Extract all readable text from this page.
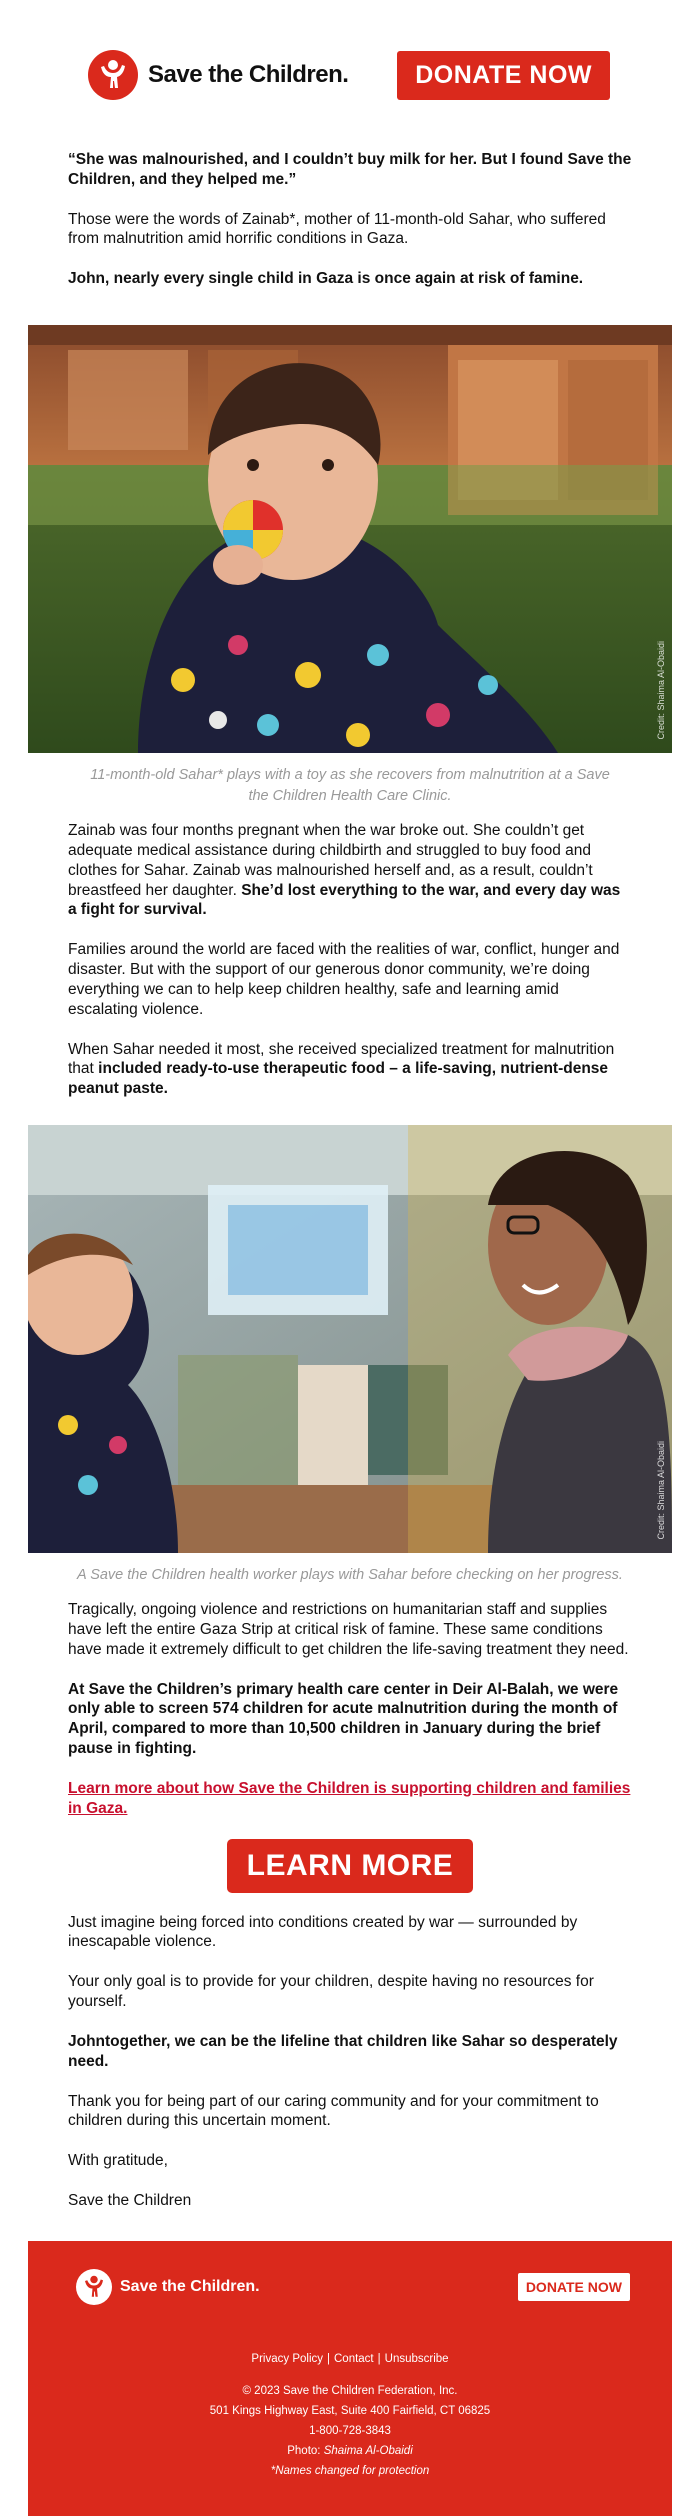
Save the Children.	DONATE NOW

“She was malnourished, and I couldn’t buy milk for her. But I found Save the Children, and they helped me.”

Those were the words of Zainab*, mother of 11-month-old Sahar, who suffered from malnutrition amid horrific conditions in Gaza.

John, nearly every single child in Gaza is once again at risk of famine.

Credit: Shaima Al-Obaidi
11-month-old Sahar* plays with a toy as she recovers from malnutrition at a Save the Children Health Care Clinic.

Zainab was four months pregnant when the war broke out. She couldn’t get adequate medical assistance during childbirth and struggled to buy food and clothes for Sahar. Zainab was malnourished herself and, as a result, couldn’t breastfeed her daughter. She’d lost everything to the war, and every day was a fight for survival.

Families around the world are faced with the realities of war, conflict, hunger and disaster. But with the support of our generous donor community, we’re doing everything we can to help keep children healthy, safe and learning amid escalating violence.

When Sahar needed it most, she received specialized treatment for malnutrition that included ready-to-use therapeutic food – a life-saving, nutrient-dense peanut paste.

Credit: Shaima Al-Obaidi
A Save the Children health worker plays with Sahar before checking on her progress.

Tragically, ongoing violence and restrictions on humanitarian staff and supplies have left the entire Gaza Strip at critical risk of famine. These same conditions have made it extremely difficult to get children the life-saving treatment they need.

At Save the Children’s primary health care center in Deir Al-Balah, we were only able to screen 574 children for acute malnutrition during the month of April, compared to more than 10,500 children in January during the brief pause in fighting.

Learn more about how Save the Children is supporting children and families in Gaza.

LEARN MORE

Just imagine being forced into conditions created by war — surrounded by inescapable violence.

Your only goal is to provide for your children, despite having no resources for yourself.

Johntogether, we can be the lifeline that children like Sahar so desperately need.

Thank you for being part of our caring community and for your commitment to children during this uncertain moment.

With gratitude,

Save the Children

Save the Children.	DONATE NOW
Privacy Policy | Contact | Unsubscribe
© 2023 Save the Children Federation, Inc.
501 Kings Highway East, Suite 400 Fairfield, CT 06825
1-800-728-3843
Photo: Shaima Al-Obaidi
*Names changed for protection
